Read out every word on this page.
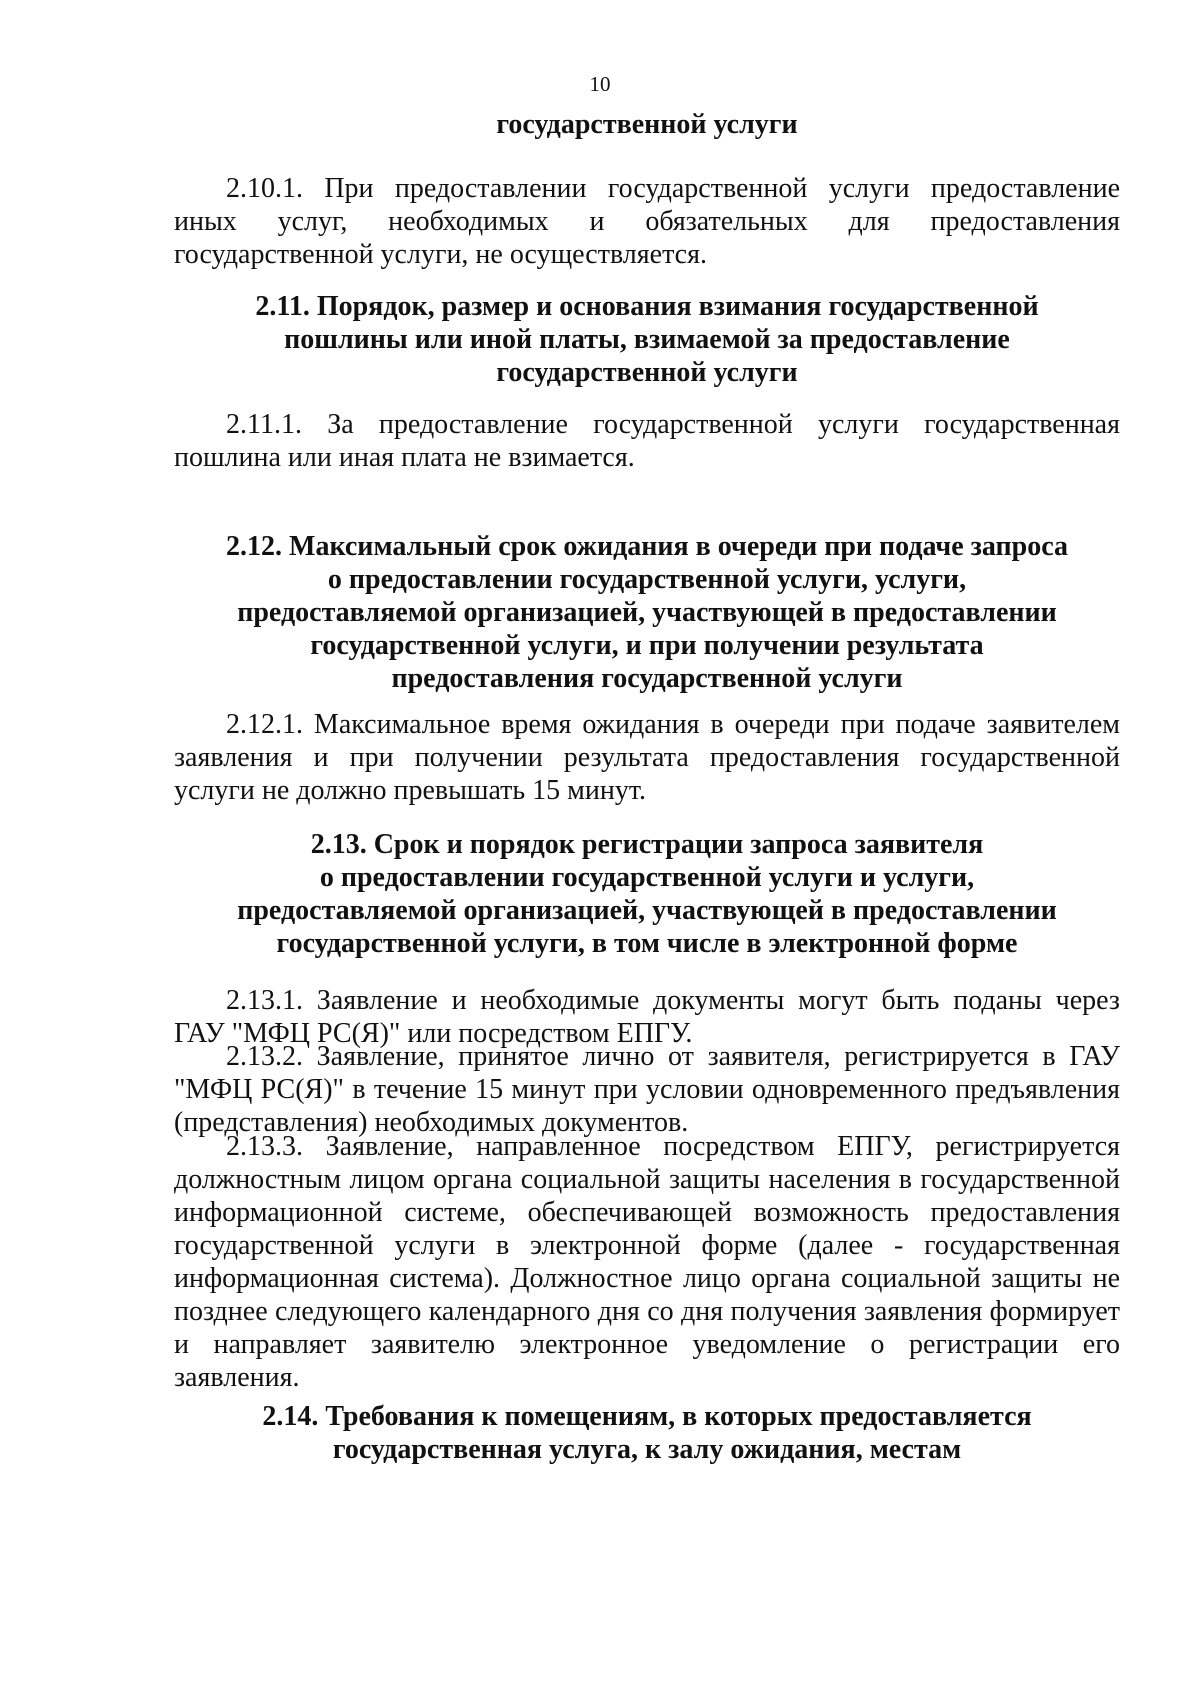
10
государственной услуги
2.10.1. При предоставлении государственной услуги предоставление
иных услуг, необходимых и обязательных для предоставления
государственной услуги, не осуществляется.
2.11. Порядок, размер и основания взимания государственной
пошлины или иной платы, взимаемой за предоставление
государственной услуги
2.11.1. За предоставление государственной услуги государственная
пошлина или иная плата не взимается.
2.12. Максимальный срок ожидания в очереди при подаче запроса
о предоставлении государственной услуги, услуги,
предоставляемой организацией, участвующей в предоставлении
государственной услуги, и при получении результата
предоставления государственной услуги
2.12.1. Максимальное время ожидания в очереди при подаче заявителем
заявления и при получении результата предоставления государственной
услуги не должно превышать 15 минут.
2.13. Срок и порядок регистрации запроса заявителя
о предоставлении государственной услуги и услуги,
предоставляемой организацией, участвующей в предоставлении
государственной услуги, в том числе в электронной форме
2.13.1. Заявление и необходимые документы могут быть поданы через
ГАУ "МФЦ РС(Я)" или посредством ЕПГУ.
2.13.2. Заявление, принятое лично от заявителя, регистрируется в ГАУ
"МФЦ РС(Я)" в течение 15 минут при условии одновременного предъявления
(представления) необходимых документов.
2.13.3. Заявление, направленное посредством ЕПГУ, регистрируется
должностным лицом органа социальной защиты населения в государственной
информационной системе, обеспечивающей возможность предоставления
государственной услуги в электронной форме (далее - государственная
информационная система). Должностное лицо органа социальной защиты не
позднее следующего календарного дня со дня получения заявления формирует
и направляет заявителю электронное уведомление о регистрации его
заявления.
2.14. Требования к помещениям, в которых предоставляется
государственная услуга, к залу ожидания, местам
